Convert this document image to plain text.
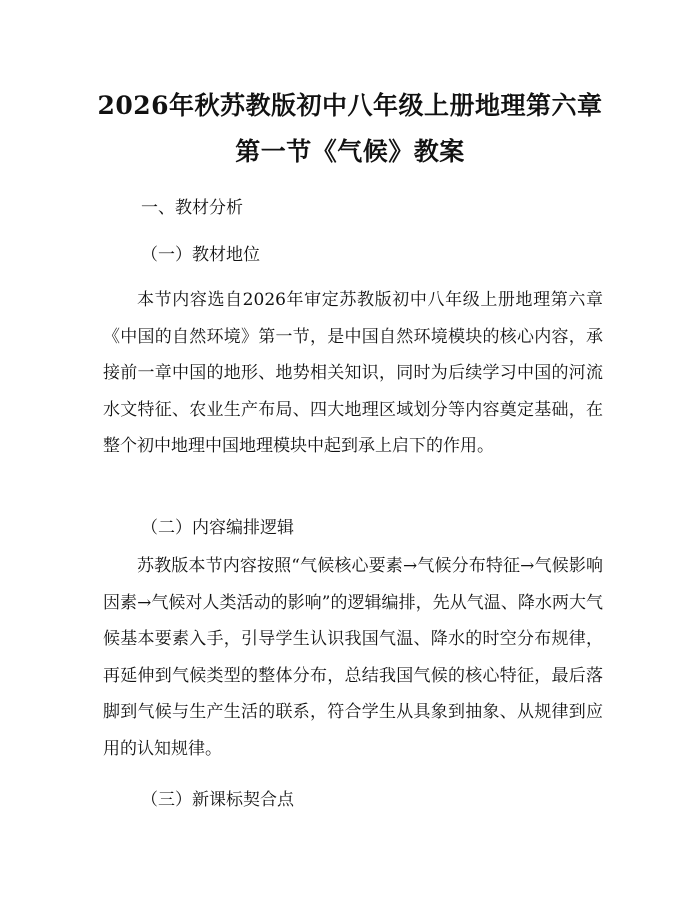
2026年秋苏教版初中八年级上册地理第六章
第一节《气候》教案
一、教材分析
（一）教材地位

本节内容选自2026年审定苏教版初中八年级上册地理第六章《中国的自然环境》第一节，是中国自然环境模块的核心内容，承接前一章中国的地形、地势相关知识，同时为后续学习中国的河流水文特征、农业生产布局、四大地理区域划分等内容奠定基础，在整个初中地理中国地理模块中起到承上启下的作用。

（二）内容编排逻辑

苏教版本节内容按照“气候核心要素→气候分布特征→气候影响因素→气候对人类活动的影响”的逻辑编排，先从气温、降水两大气候基本要素入手，引导学生认识我国气温、降水的时空分布规律，再延伸到气候类型的整体分布，总结我国气候的核心特征，最后落脚到气候与生产生活的联系，符合学生从具象到抽象、从规律到应用的认知规律。

（三）新课标契合点
